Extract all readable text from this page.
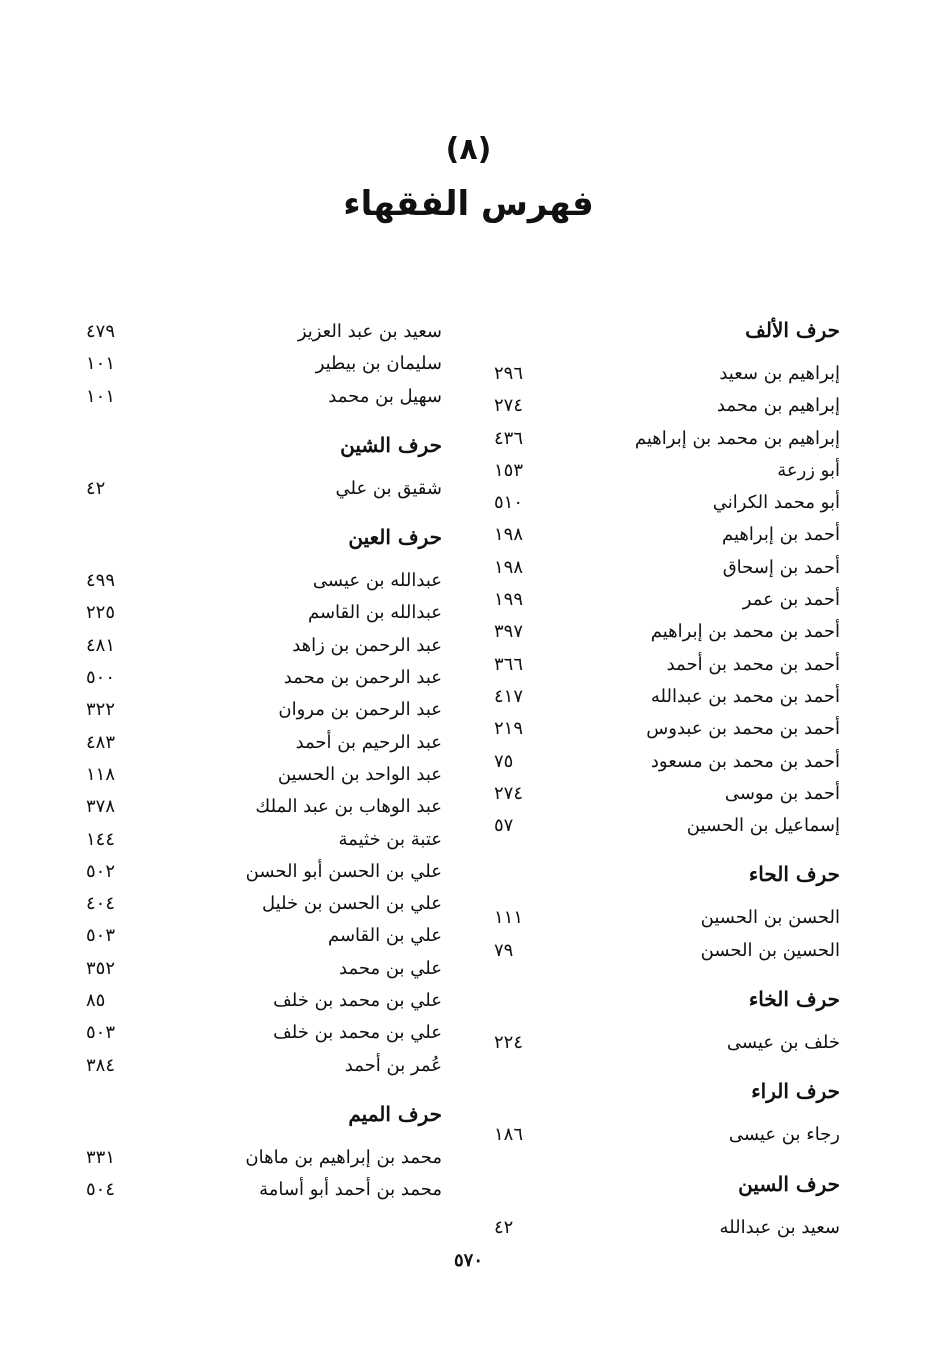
(٨)
فهرس الفقهاء
حرف الألف
إبراهيم بن سعيد
٢٩٦
إبراهيم بن محمد
٢٧٤
إبراهيم بن محمد بن إبراهيم
٤٣٦
أبو زرعة
١٥٣
أبو محمد الكراني
٥١٠
أحمد بن إبراهيم
١٩٨
أحمد بن إسحاق
١٩٨
أحمد بن عمر
١٩٩
أحمد بن محمد بن إبراهيم
٣٩٧
أحمد بن محمد بن أحمد
٣٦٦
أحمد بن محمد بن عبدالله
٤١٧
أحمد بن محمد بن عبدوس
٢١٩
أحمد بن محمد بن مسعود
٧٥
أحمد بن موسى
٢٧٤
إسماعيل بن الحسين
٥٧
حرف الحاء
الحسن بن الحسين
١١١
الحسين بن الحسن
٧٩
حرف الخاء
خلف بن عيسى
٢٢٤
حرف الراء
رجاء بن عيسى
١٨٦
حرف السين
سعيد بن عبدالله
٤٢
سعيد بن عبد العزيز
٤٧٩
سليمان بن بيطير
١٠١
سهيل بن محمد
١٠١
حرف الشين
شقيق بن علي
٤٢
حرف العين
عبدالله بن عيسى
٤٩٩
عبدالله بن القاسم
٢٢٥
عبد الرحمن بن زاهد
٤٨١
عبد الرحمن بن محمد
٥٠٠
عبد الرحمن بن مروان
٣٢٢
عبد الرحيم بن أحمد
٤٨٣
عبد الواحد بن الحسين
١١٨
عبد الوهاب بن عبد الملك
٣٧٨
عتبة بن خثيمة
١٤٤
علي بن الحسن أبو الحسن
٥٠٢
علي بن الحسن بن خليل
٤٠٤
علي بن القاسم
٥٠٣
علي بن محمد
٣٥٢
علي بن محمد بن خلف
٨٥
علي بن محمد بن خلف
٥٠٣
عُمر بن أحمد
٣٨٤
حرف الميم
محمد بن إبراهيم بن ماهان
٣٣١
محمد بن أحمد أبو أسامة
٥٠٤
٥٧٠
